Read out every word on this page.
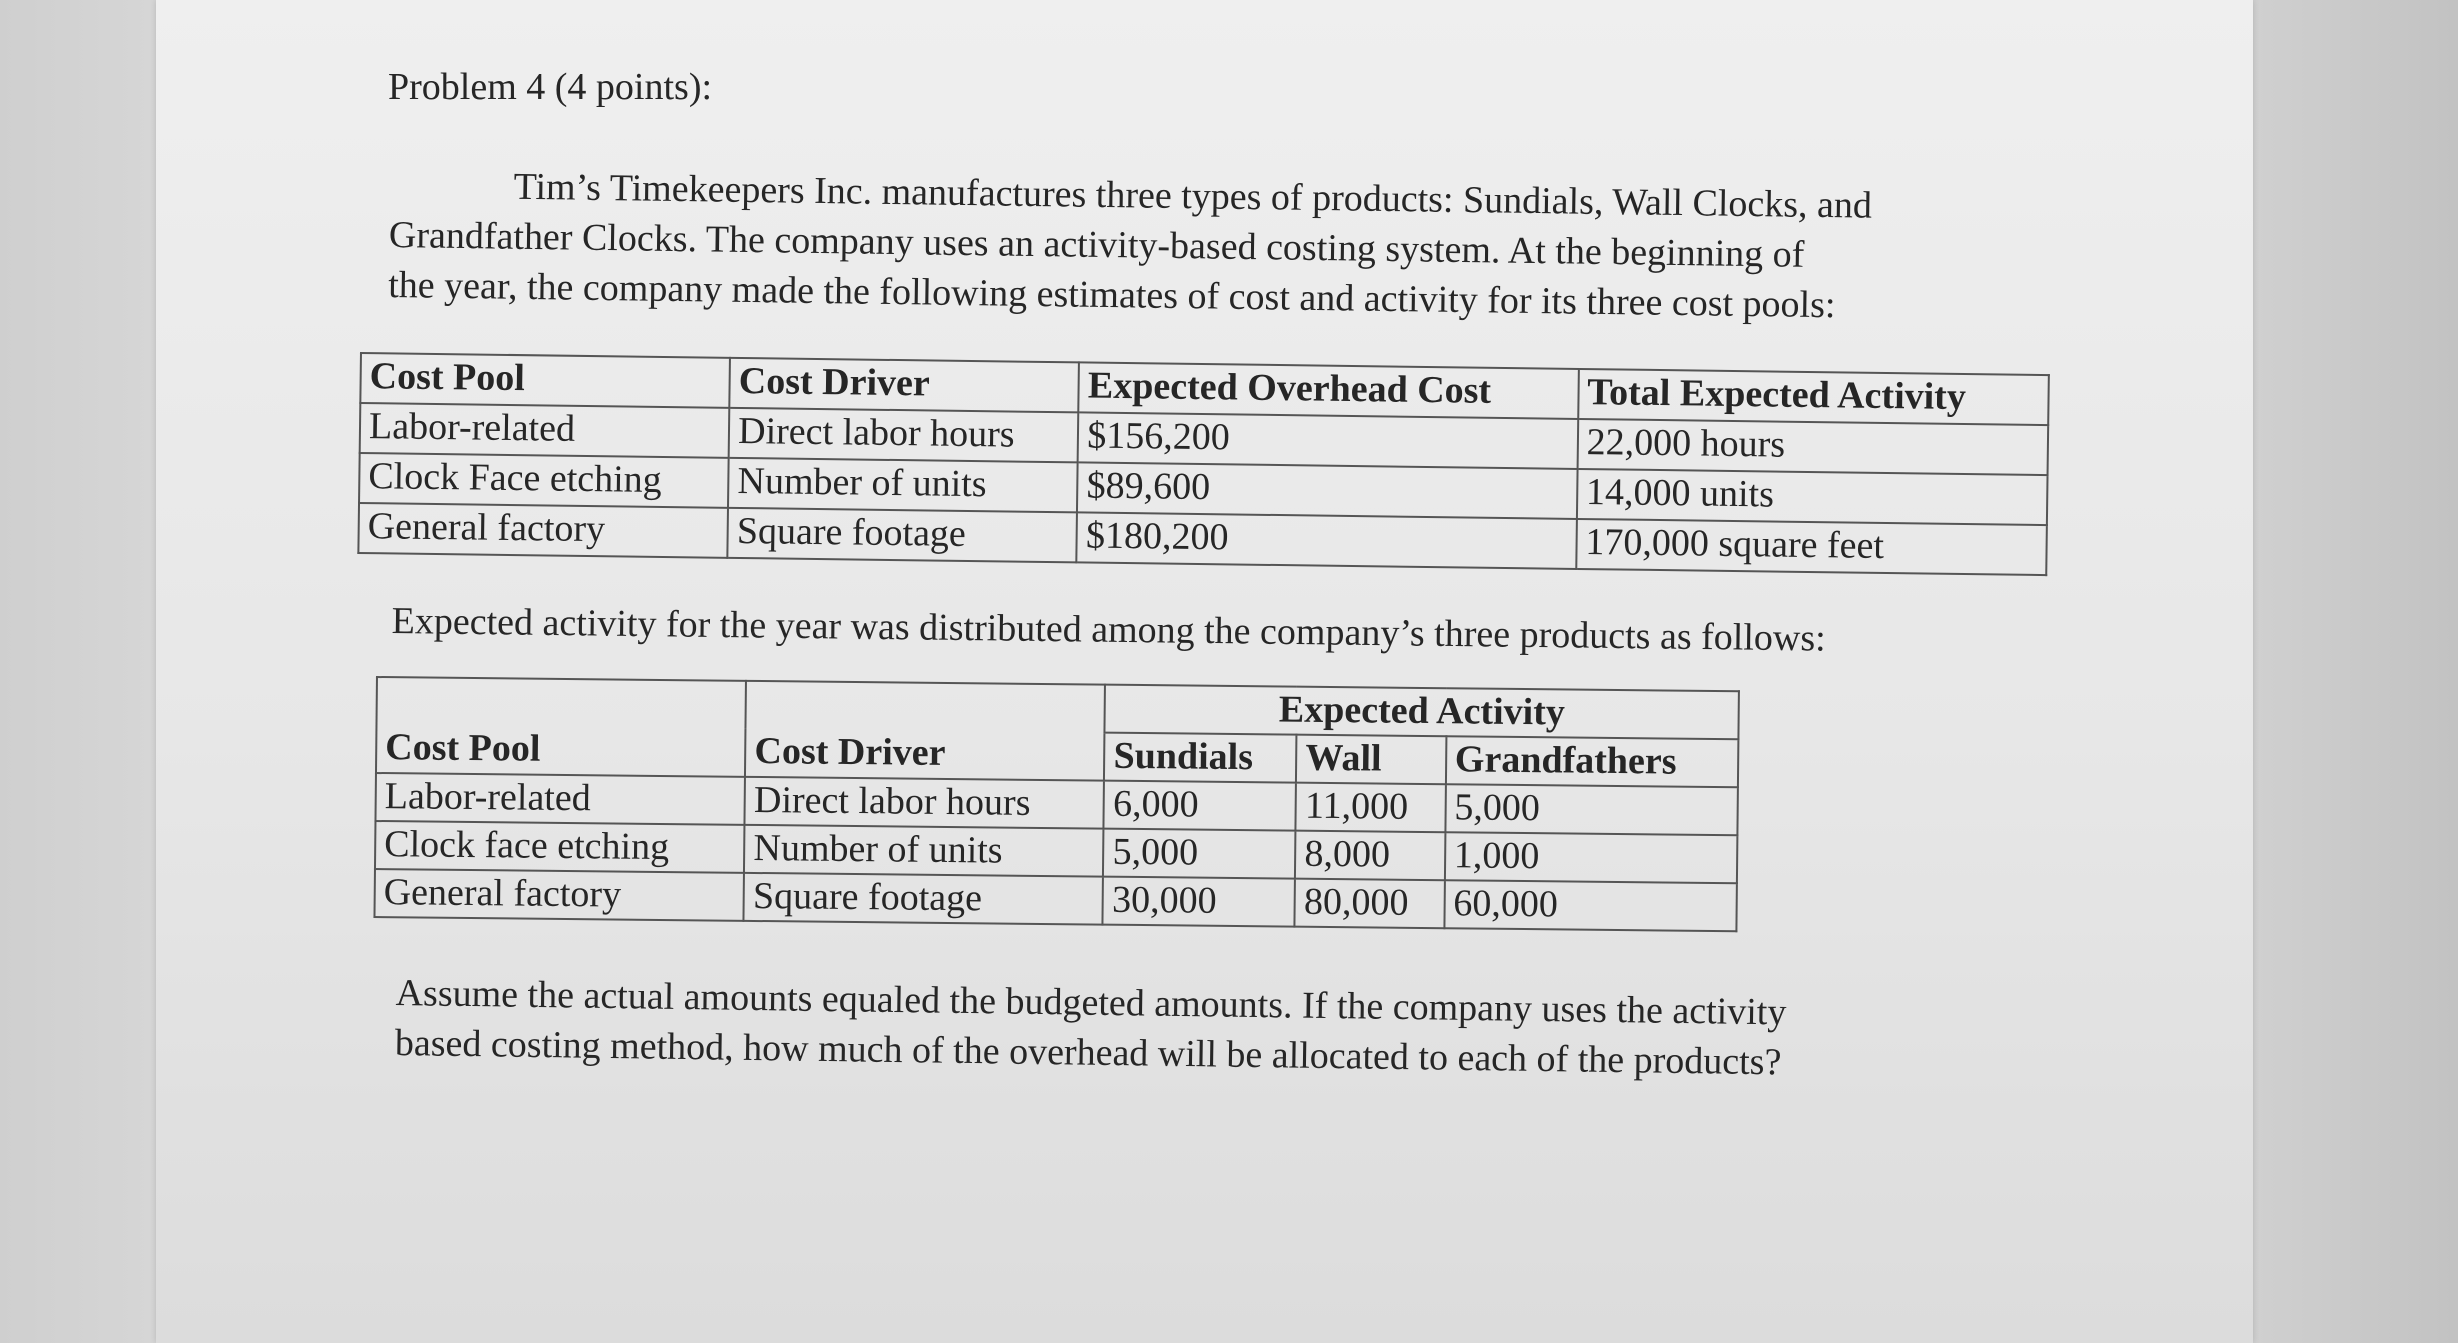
Problem 4 (4 points):

Tim’s Timekeepers Inc. manufactures three types of products: Sundials, Wall Clocks, and
Grandfather Clocks. The company uses an activity-based costing system. At the beginning of
the year, the company made the following estimates of cost and activity for its three cost pools:

Cost Pool	Cost Driver	Expected Overhead Cost	Total Expected Activity
Labor-related	Direct labor hours	$156,200	22,000 hours
Clock Face etching	Number of units	$89,600	14,000 units
General factory	Square footage	$180,200	170,000 square feet

Expected activity for the year was distributed among the company’s three products as follows:

		Expected Activity		
Cost Pool	Cost Driver	Sundials	Wall	Grandfathers
Labor-related	Direct labor hours	6,000	11,000	5,000
Clock face etching	Number of units	5,000	8,000	1,000
General factory	Square footage	30,000	80,000	60,000

Assume the actual amounts equaled the budgeted amounts. If the company uses the activity
based costing method, how much of the overhead will be allocated to each of the products?
